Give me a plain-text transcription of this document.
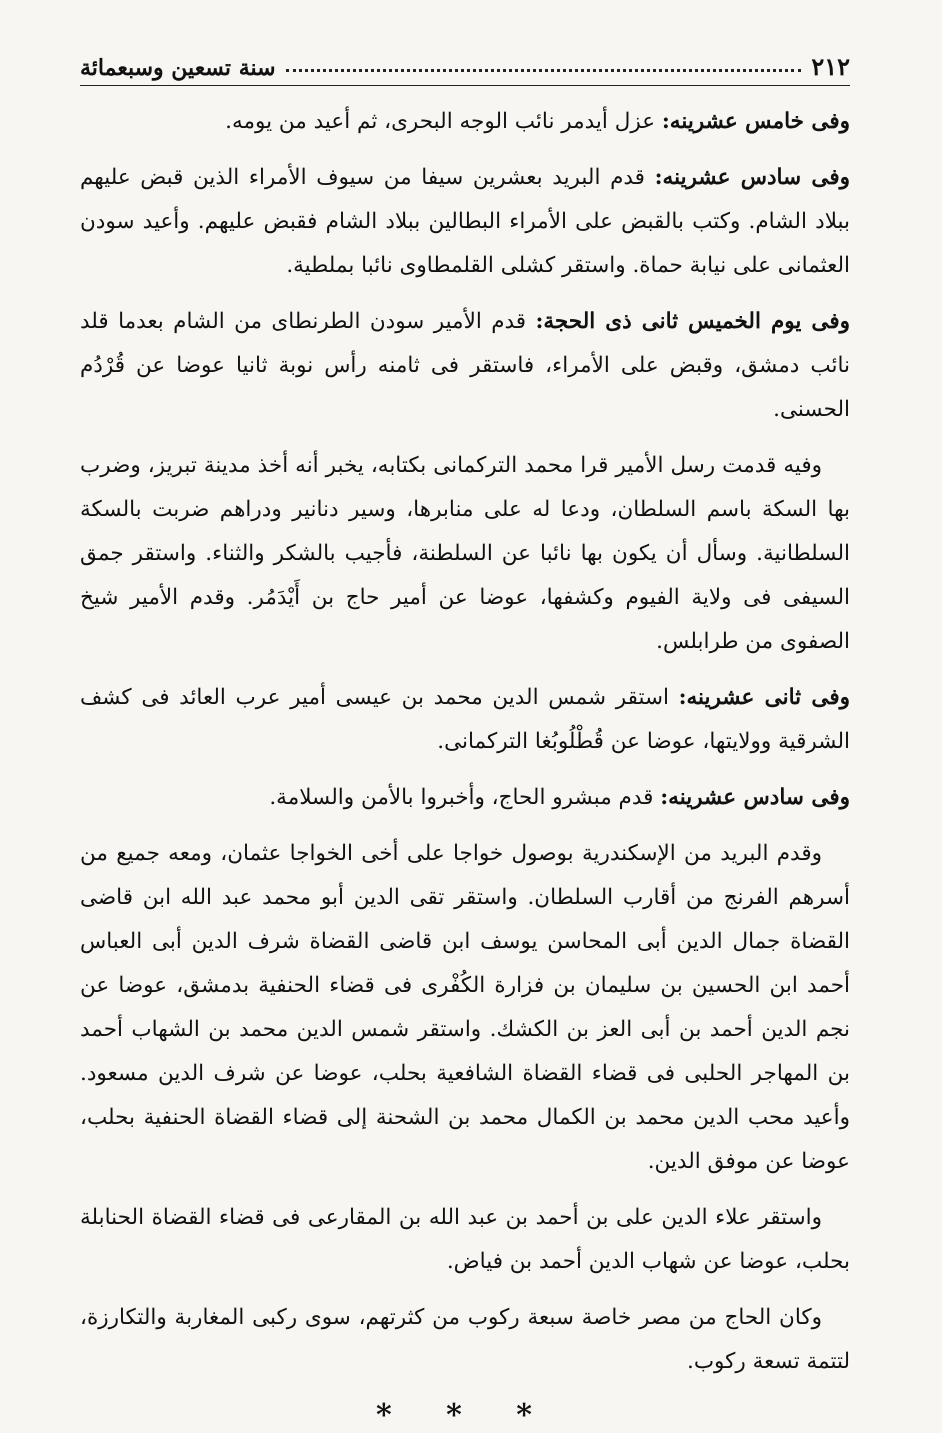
٢١٢
سنة تسعين وسبعمائة

وفى خامس عشرينه: عزل أيدمر نائب الوجه البحرى، ثم أعيد من يومه.

وفى سادس عشرينه: قدم البريد بعشرين سيفا من سيوف الأمراء الذين قبض عليهم ببلاد الشام. وكتب بالقبض على الأمراء البطالين ببلاد الشام فقبض عليهم. وأعيد سودن العثمانى على نيابة حماة. واستقر كشلى القلمطاوى نائبا بملطية.

وفى يوم الخميس ثانى ذى الحجة: قدم الأمير سودن الطرنطاى من الشام بعدما قلد نائب دمشق، وقبض على الأمراء، فاستقر فى ثامنه رأس نوبة ثانيا عوضا عن قُرْدُم الحسنى.

وفيه قدمت رسل الأمير قرا محمد التركمانى بكتابه، يخبر أنه أخذ مدينة تبريز، وضرب بها السكة باسم السلطان، ودعا له على منابرها، وسير دنانير ودراهم ضربت بالسكة السلطانية. وسأل أن يكون بها نائبا عن السلطنة، فأجيب بالشكر والثناء. واستقر جمق السيفى فى ولاية الفيوم وكشفها، عوضا عن أمير حاج بن أَيْدَمُر. وقدم الأمير شيخ الصفوى من طرابلس.

وفى ثانى عشرينه: استقر شمس الدين محمد بن عيسى أمير عرب العائد فى كشف الشرقية وولايتها، عوضا عن قُطْلُوبُغا التركمانى.

وفى سادس عشرينه: قدم مبشرو الحاج، وأخبروا بالأمن والسلامة.

وقدم البريد من الإسكندرية بوصول خواجا على أخى الخواجا عثمان، ومعه جميع من أسرهم الفرنج من أقارب السلطان. واستقر تقى الدين أبو محمد عبد الله ابن قاضى القضاة جمال الدين أبى المحاسن يوسف ابن قاضى القضاة شرف الدين أبى العباس أحمد ابن الحسين بن سليمان بن فزارة الكُفْرى فى قضاء الحنفية بدمشق، عوضا عن نجم الدين أحمد بن أبى العز بن الكشك. واستقر شمس الدين محمد بن الشهاب أحمد بن المهاجر الحلبى فى قضاء القضاة الشافعية بحلب، عوضا عن شرف الدين مسعود. وأعيد محب الدين محمد بن الكمال محمد بن الشحنة إلى قضاء القضاة الحنفية بحلب، عوضا عن موفق الدين.

واستقر علاء الدين على بن أحمد بن عبد الله بن المقارعى فى قضاء القضاة الحنابلة بحلب، عوضا عن شهاب الدين أحمد بن فياض.

وكان الحاج من مصر خاصة سبعة ركوب من كثرتهم، سوى ركبى المغاربة والتكارزة، لتتمة تسعة ركوب.

* * *
